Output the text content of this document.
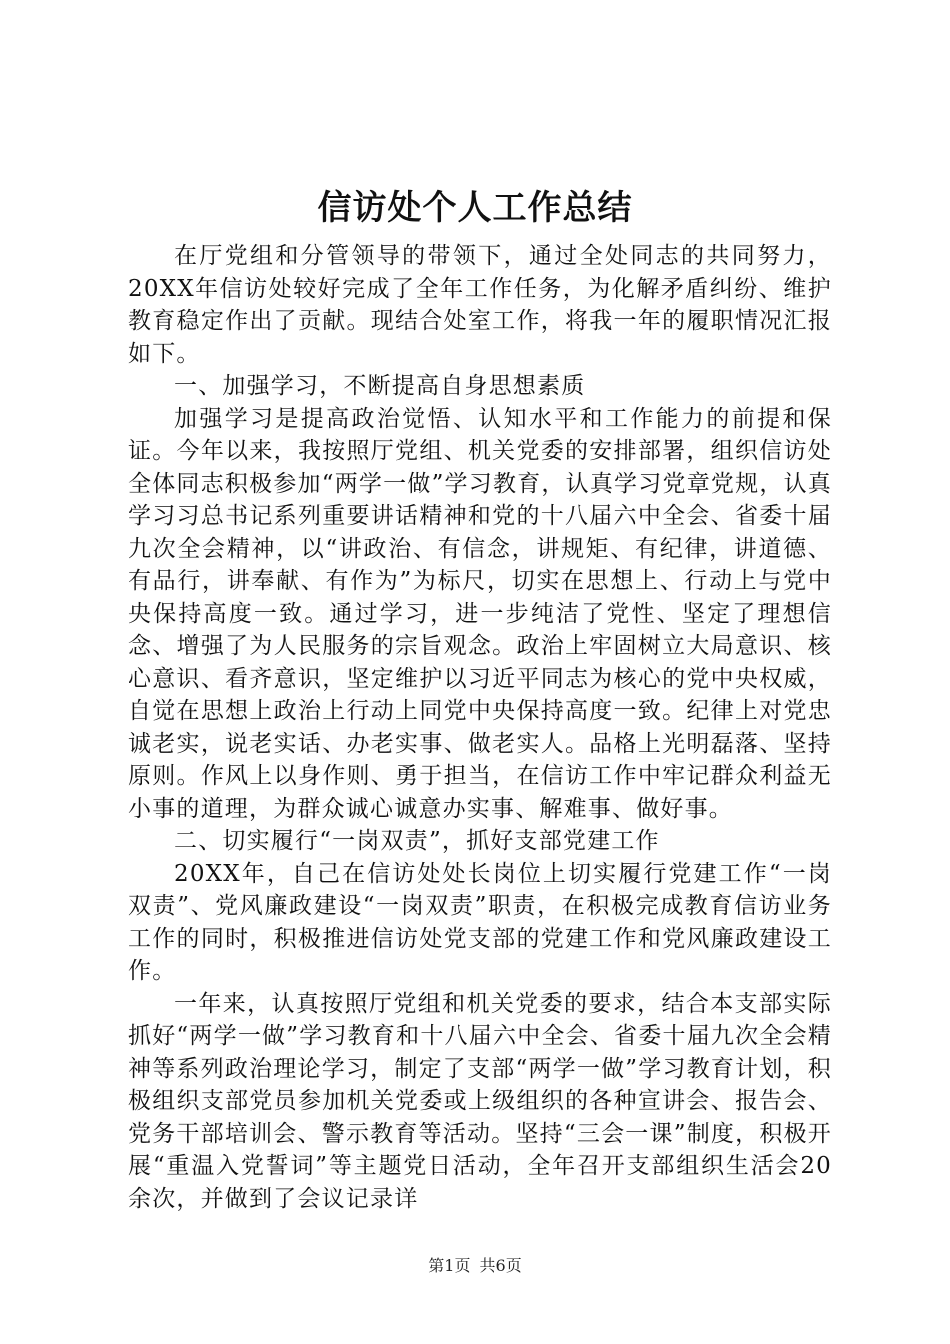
信访处个人工作总结

在厅党组和分管领导的带领下，通过全处同志的共同努力，20XX年信访处较好完成了全年工作任务，为化解矛盾纠纷、维护教育稳定作出了贡献。现结合处室工作，将我一年的履职情况汇报如下。

一、加强学习，不断提高自身思想素质

加强学习是提高政治觉悟、认知水平和工作能力的前提和保证。今年以来，我按照厅党组、机关党委的安排部署，组织信访处全体同志积极参加“两学一做”学习教育，认真学习党章党规，认真学习习总书记系列重要讲话精神和党的十八届六中全会、省委十届九次全会精神，以“讲政治、有信念，讲规矩、有纪律，讲道德、有品行，讲奉献、有作为”为标尺，切实在思想上、行动上与党中央保持高度一致。通过学习，进一步纯洁了党性、坚定了理想信念、增强了为人民服务的宗旨观念。政治上牢固树立大局意识、核心意识、看齐意识，坚定维护以习近平同志为核心的党中央权威，自觉在思想上政治上行动上同党中央保持高度一致。纪律上对党忠诚老实，说老实话、办老实事、做老实人。品格上光明磊落、坚持原则。作风上以身作则、勇于担当，在信访工作中牢记群众利益无小事的道理，为群众诚心诚意办实事、解难事、做好事。

二、切实履行“一岗双责”，抓好支部党建工作

20XX年，自己在信访处处长岗位上切实履行党建工作“一岗双责”、党风廉政建设“一岗双责”职责，在积极完成教育信访业务工作的同时，积极推进信访处党支部的党建工作和党风廉政建设工作。

一年来，认真按照厅党组和机关党委的要求，结合本支部实际抓好“两学一做”学习教育和十八届六中全会、省委十届九次全会精神等系列政治理论学习，制定了支部“两学一做”学习教育计划，积极组织支部党员参加机关党委或上级组织的各种宣讲会、报告会、党务干部培训会、警示教育等活动。坚持“三会一课”制度，积极开展“重温入党誓词”等主题党日活动，全年召开支部组织生活会20余次，并做到了会议记录详

第1页 共6页
